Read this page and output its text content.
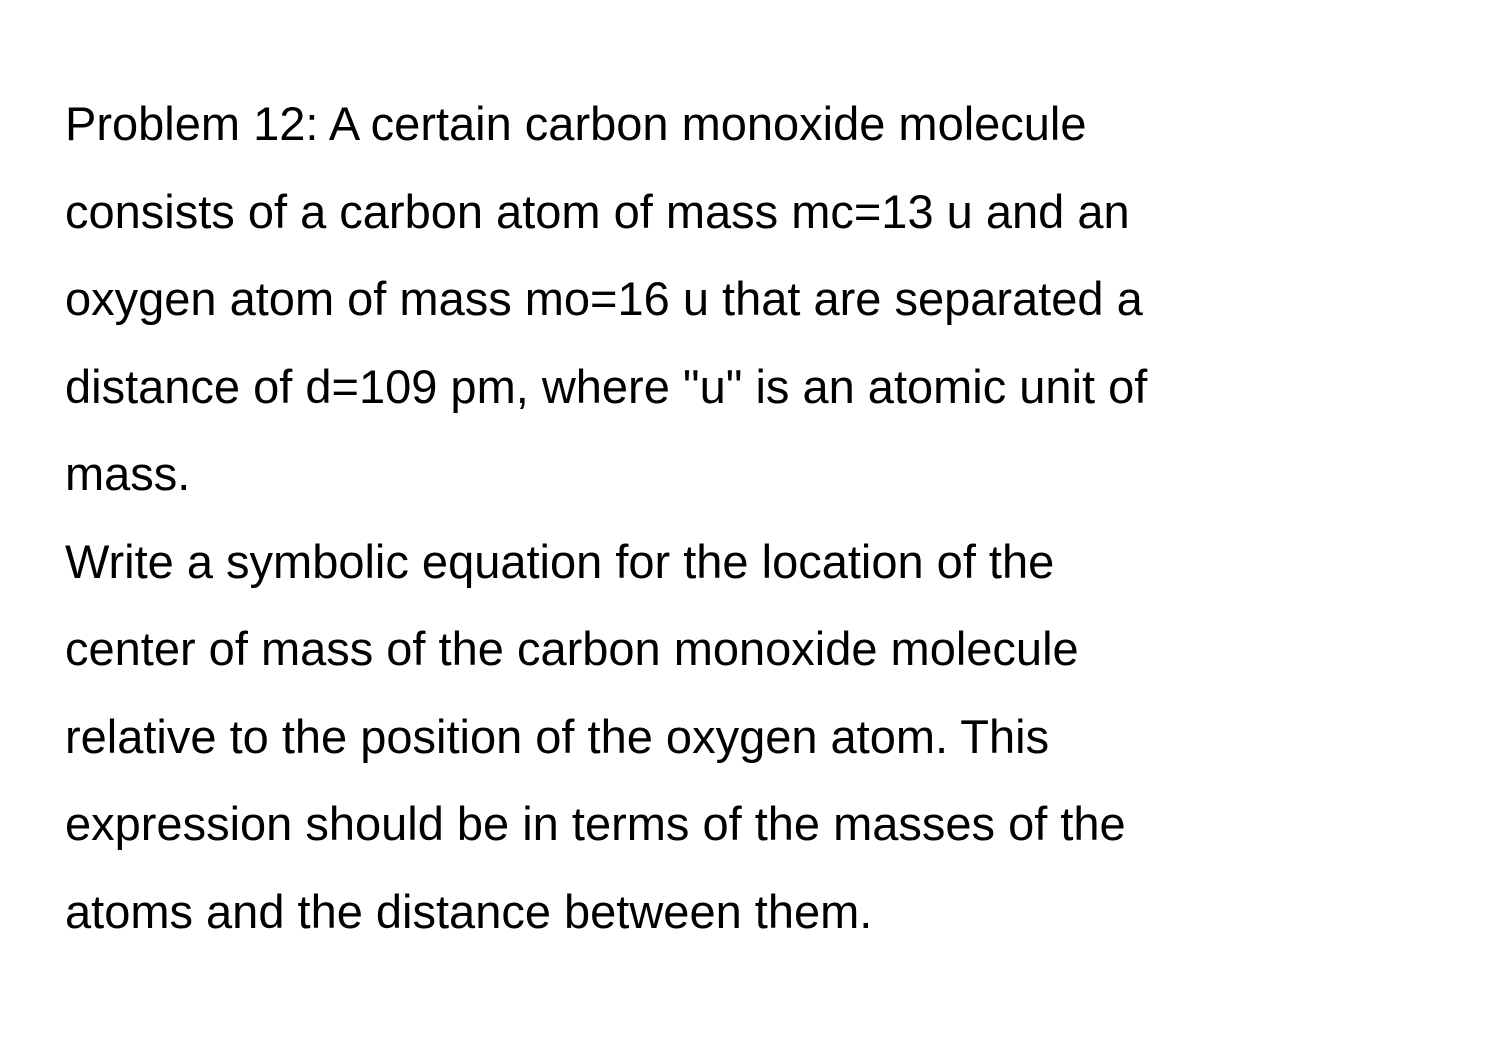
Problem 12: A certain carbon monoxide molecule
consists of a carbon atom of mass mc=13 u and an
oxygen atom of mass mo=16 u that are separated a
distance of d=109 pm, where "u" is an atomic unit of
mass.
Write a symbolic equation for the location of the
center of mass of the carbon monoxide molecule
relative to the position of the oxygen atom. This
expression should be in terms of the masses of the
atoms and the distance between them.
